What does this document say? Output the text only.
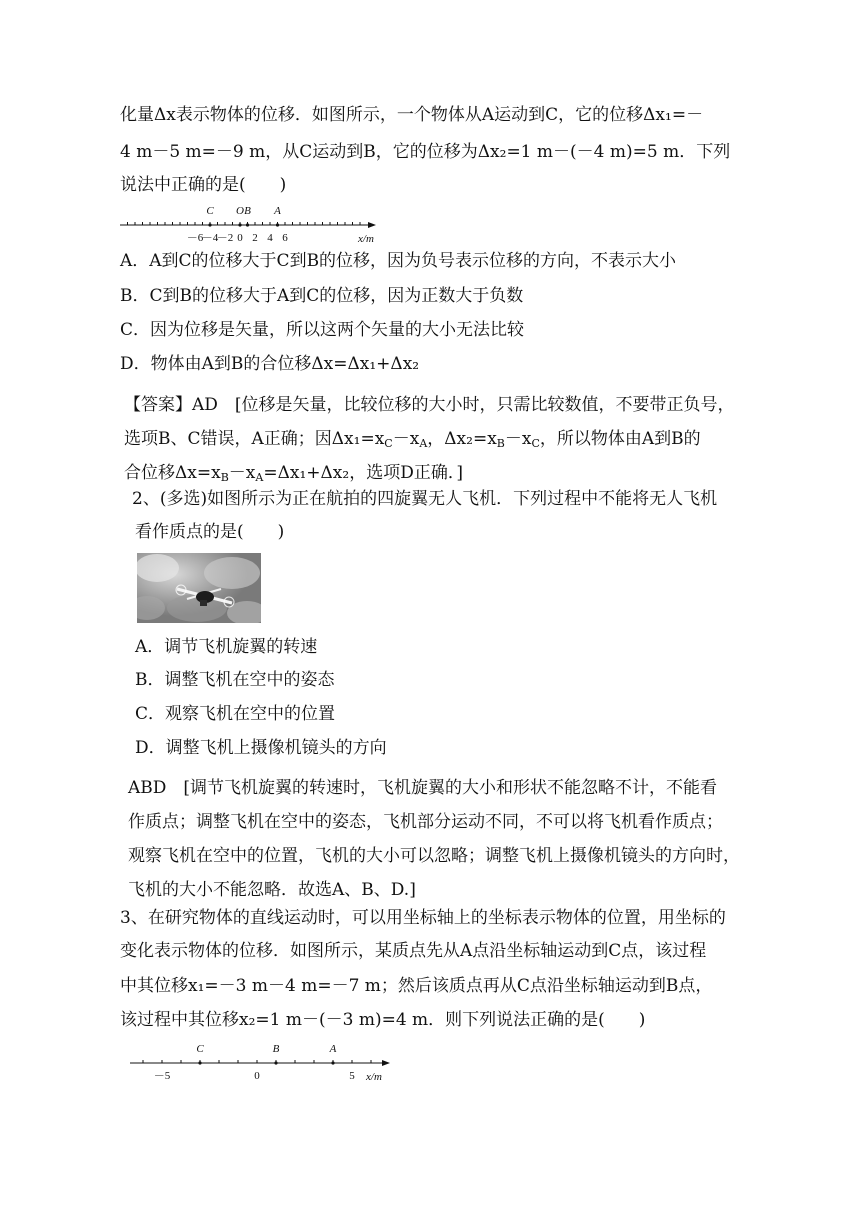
化量Δx表示物体的位移．如图所示，一个物体从A运动到C，它的位移Δx₁=－
4 m－5 m=－9 m，从C运动到B，它的位移为Δx₂=1 m－(－4 m)=5 m．下列
说法中正确的是(　　)
－6
－4
－2 0 2 4 6
C O B A
x/m
A．A到C的位移大于C到B的位移，因为负号表示位移的方向，不表示大小
B．C到B的位移大于A到C的位移，因为正数大于负数
C．因为位移是矢量，所以这两个矢量的大小无法比较
D．物体由A到B的合位移Δx=Δx₁+Δx₂
【答案】AD　[位移是矢量，比较位移的大小时，只需比较数值，不要带正负号，
选项B、C错误，A正确；因$\Delta x_1=x_C-x_A$，$\Delta x_2=x_B-x_C$，所以物体由A到B的
合位移$\Delta x=x_B-x_A=\Delta x_1+\Delta x_2$，选项D正确．]
2、(多选)如图所示为正在航拍的四旋翼无人飞机．下列过程中不能将无人飞机
看作质点的是(　　)
A．调节飞机旋翼的转速
B．调整飞机在空中的姿态
C．观察飞机在空中的位置
D．调整飞机上摄像机镜头的方向
ABD　[调节飞机旋翼的转速时，飞机旋翼的大小和形状不能忽略不计，不能看
作质点；调整飞机在空中的姿态，飞机部分运动不同，不可以将飞机看作质点；
观察飞机在空中的位置，飞机的大小可以忽略；调整飞机上摄像机镜头的方向时，
飞机的大小不能忽略．故选A、B、D.]
3、在研究物体的直线运动时，可以用坐标轴上的坐标表示物体的位置，用坐标的
变化表示物体的位移．如图所示，某质点先从A点沿坐标轴运动到C点，该过程
中其位移x₁=－3 m－4 m=－7 m；然后该质点再从C点沿坐标轴运动到B点，
该过程中其位移x₂=1 m－(－3 m)=4 m．则下列说法正确的是(　　)
－5	0	5
C	B	A
x/m
